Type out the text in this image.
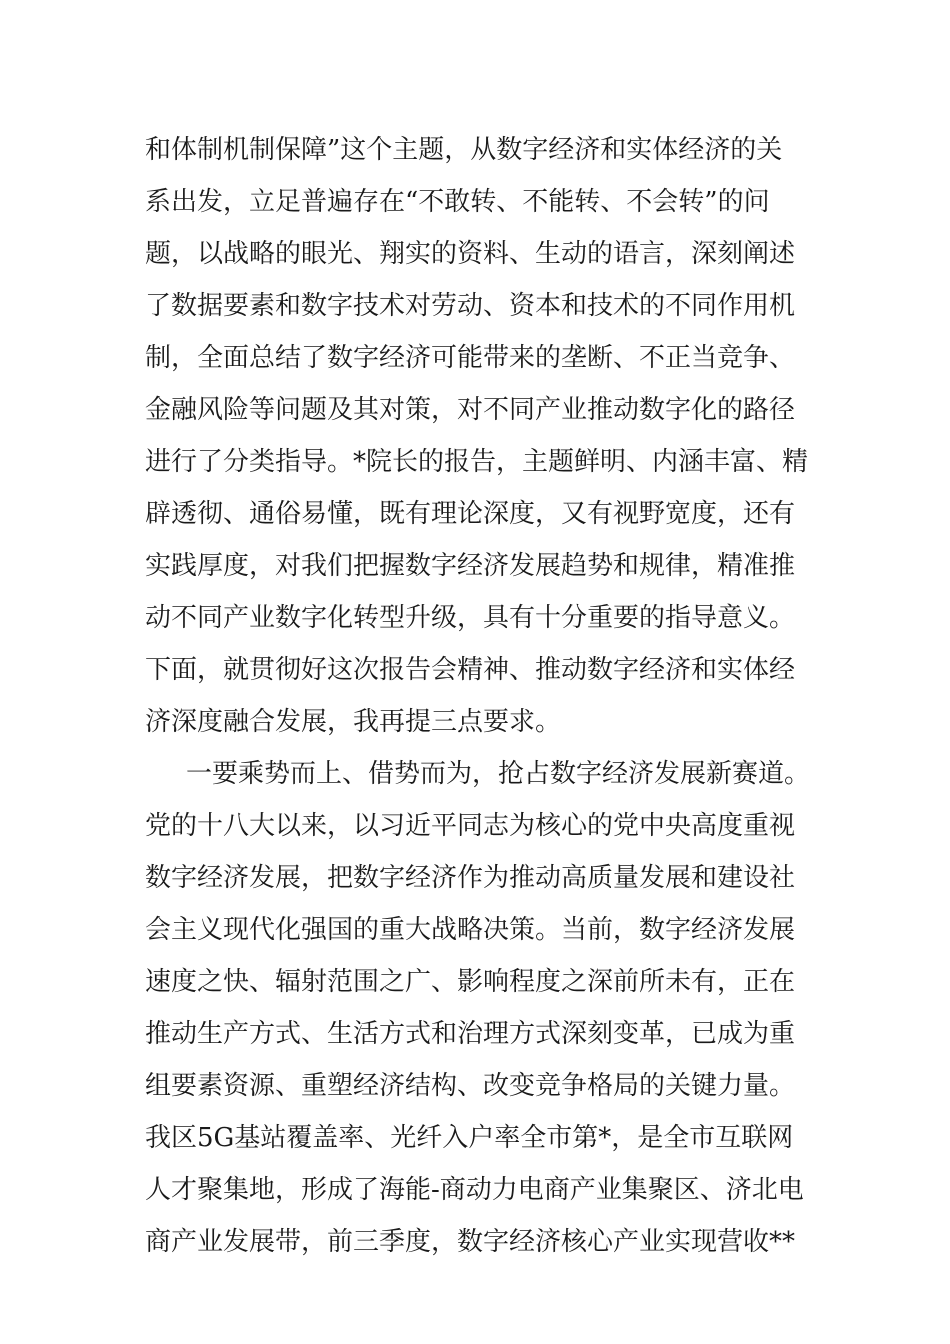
和体制机制保障”这个主题，从数字经济和实体经济的关
系出发，立足普遍存在“不敢转、不能转、不会转”的问
题，以战略的眼光、翔实的资料、生动的语言，深刻阐述
了数据要素和数字技术对劳动、资本和技术的不同作用机
制，全面总结了数字经济可能带来的垄断、不正当竞争、
金融风险等问题及其对策，对不同产业推动数字化的路径
进行了分类指导。*院长的报告，主题鲜明、内涵丰富、精
辟透彻、通俗易懂，既有理论深度，又有视野宽度，还有
实践厚度，对我们把握数字经济发展趋势和规律，精准推
动不同产业数字化转型升级，具有十分重要的指导意义。
下面，就贯彻好这次报告会精神、推动数字经济和实体经
济深度融合发展，我再提三点要求。
一要乘势而上、借势而为，抢占数字经济发展新赛道。
党的十八大以来，以习近平同志为核心的党中央高度重视
数字经济发展，把数字经济作为推动高质量发展和建设社
会主义现代化强国的重大战略决策。当前，数字经济发展
速度之快、辐射范围之广、影响程度之深前所未有，正在
推动生产方式、生活方式和治理方式深刻变革，已成为重
组要素资源、重塑经济结构、改变竞争格局的关键力量。
我区5G基站覆盖率、光纤入户率全市第*，是全市互联网
人才聚集地，形成了海能-商动力电商产业集聚区、济北电
商产业发展带，前三季度，数字经济核心产业实现营收**
